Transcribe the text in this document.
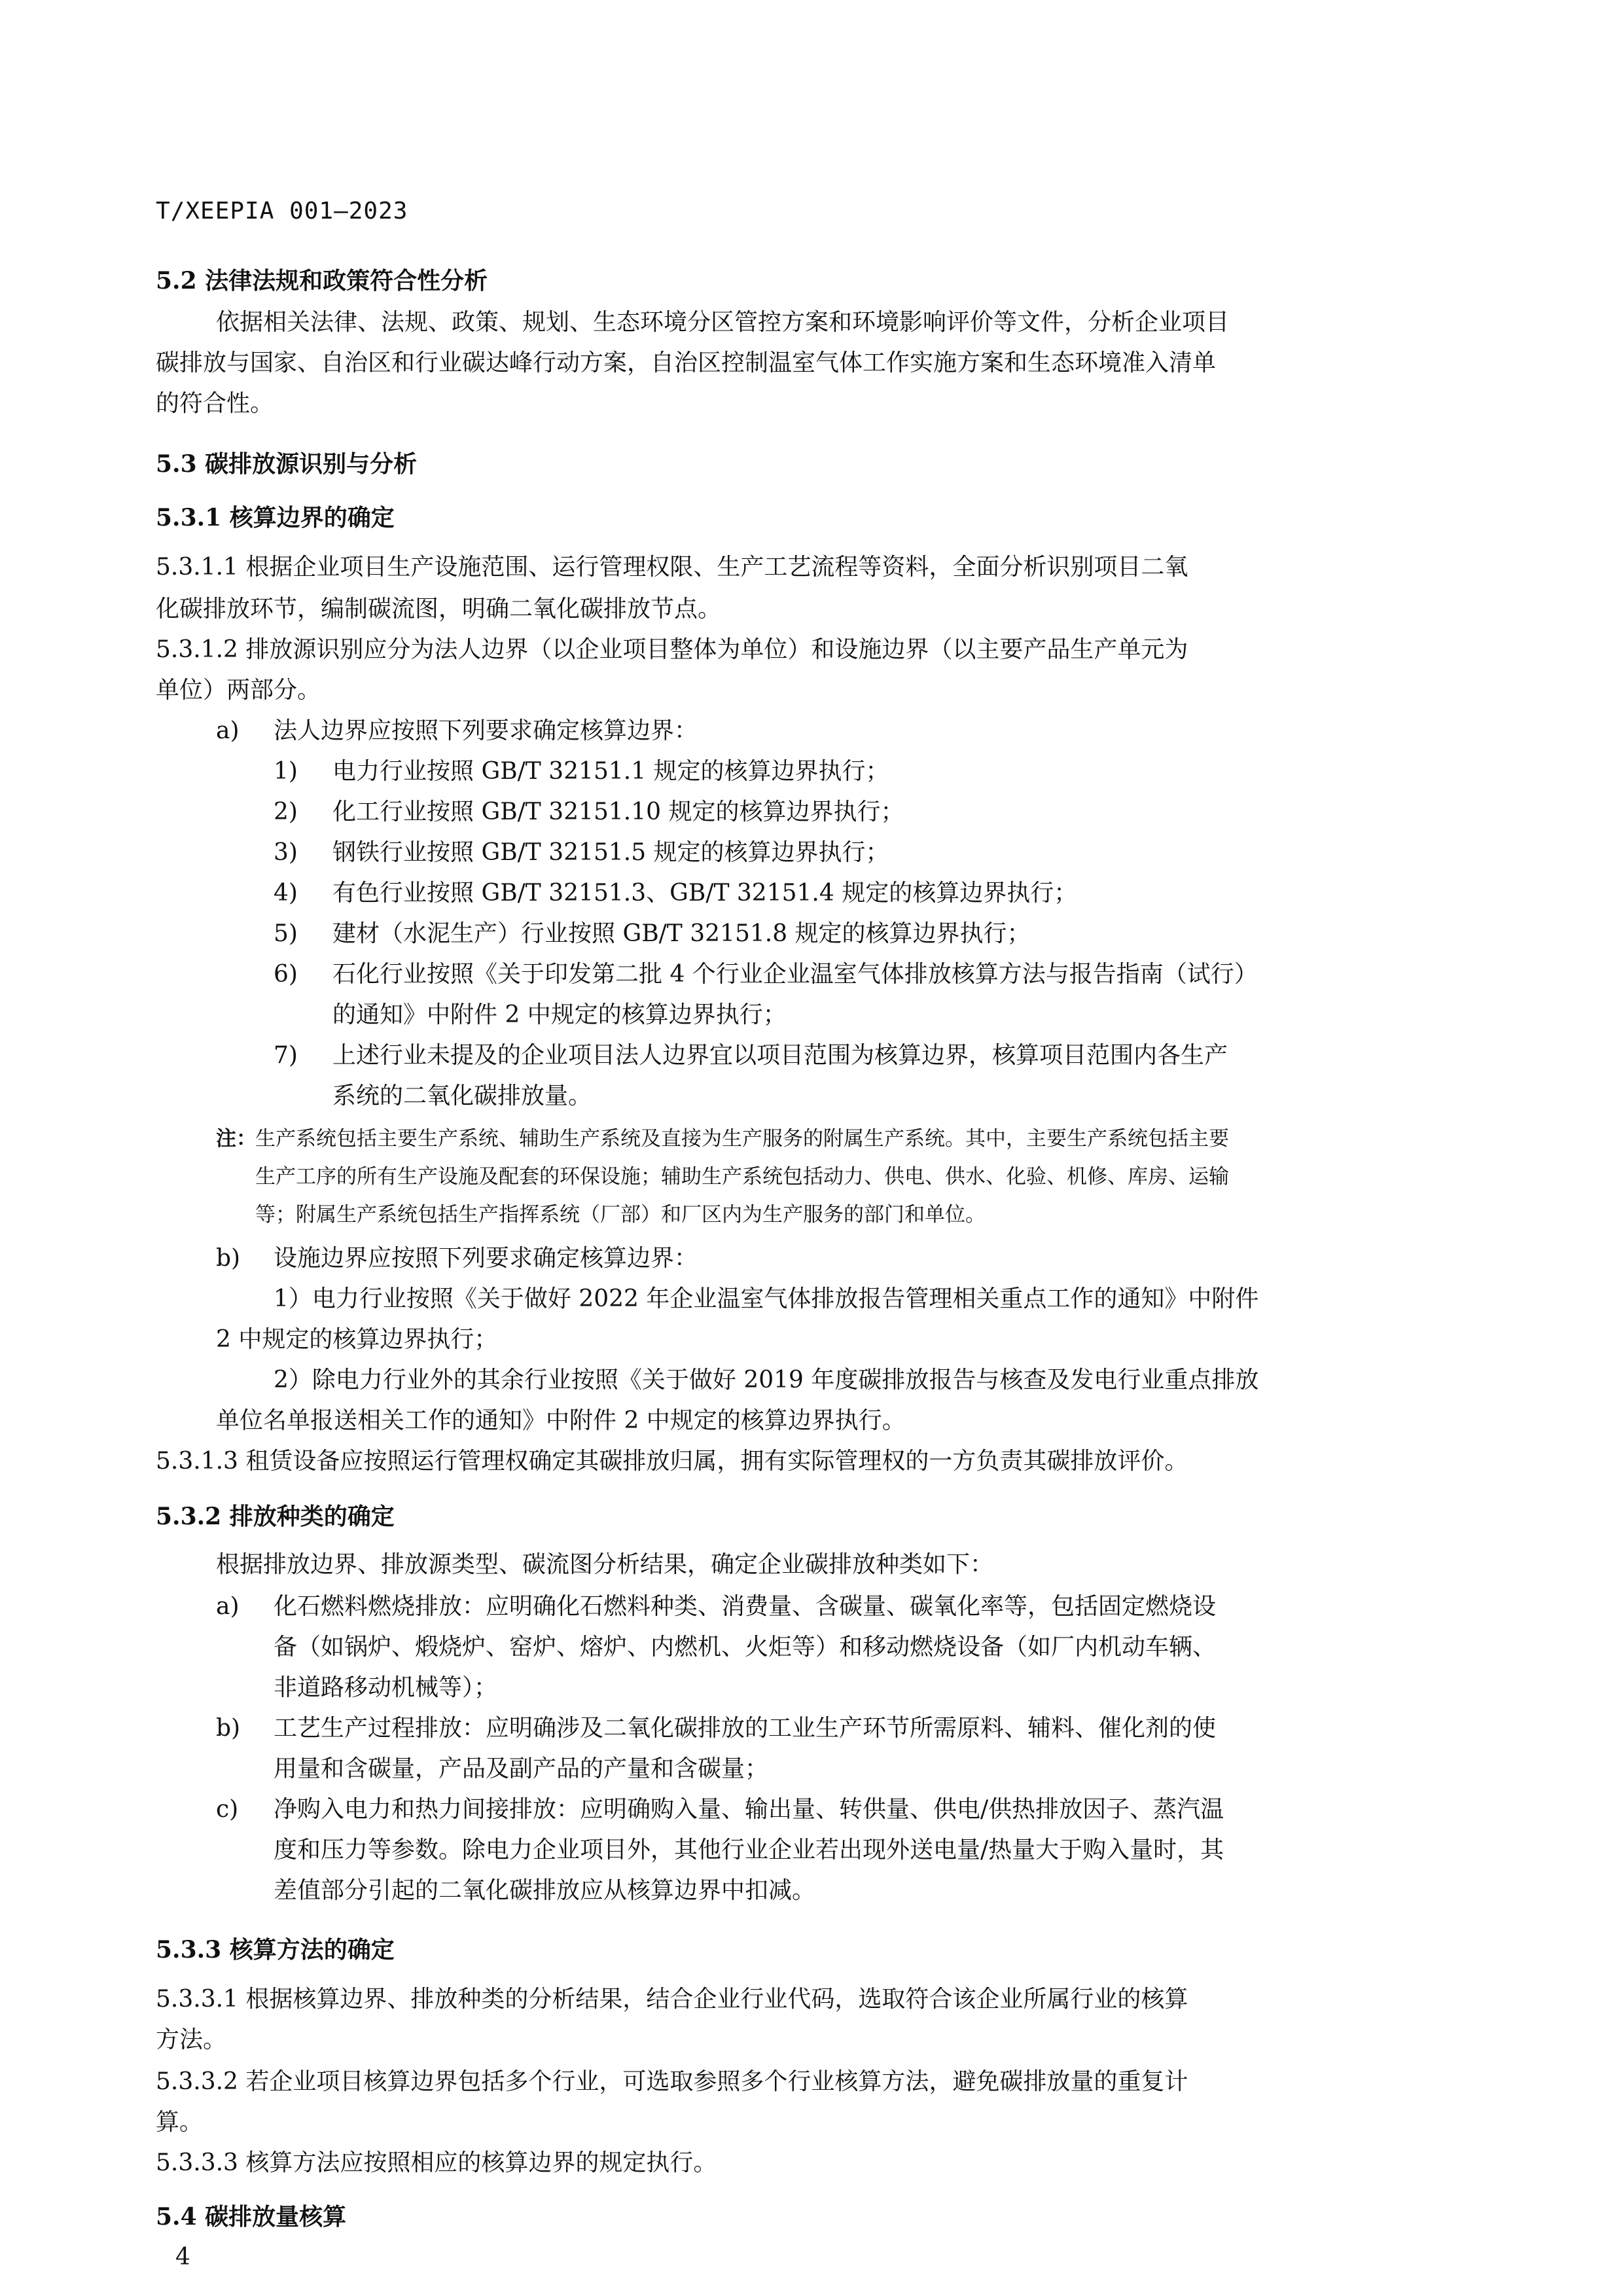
T/XEEPIA 001—2023
5.2 法律法规和政策符合性分析
依据相关法律、法规、政策、规划、生态环境分区管控方案和环境影响评价等文件，分析企业项目
碳排放与国家、自治区和行业碳达峰行动方案，自治区控制温室气体工作实施方案和生态环境准入清单
的符合性。
5.3 碳排放源识别与分析
5.3.1 核算边界的确定
5.3.1.1 根据企业项目生产设施范围、运行管理权限、生产工艺流程等资料，全面分析识别项目二氧
化碳排放环节，编制碳流图，明确二氧化碳排放节点。
5.3.1.2 排放源识别应分为法人边界（以企业项目整体为单位）和设施边界（以主要产品生产单元为
单位）两部分。
a) 法人边界应按照下列要求确定核算边界：
1) 电力行业按照 GB/T 32151.1 规定的核算边界执行；
2) 化工行业按照 GB/T 32151.10 规定的核算边界执行；
3) 钢铁行业按照 GB/T 32151.5 规定的核算边界执行；
4) 有色行业按照 GB/T 32151.3、GB/T 32151.4 规定的核算边界执行；
5) 建材（水泥生产）行业按照 GB/T 32151.8 规定的核算边界执行；
6) 石化行业按照《关于印发第二批 4 个行业企业温室气体排放核算方法与报告指南（试行）
的通知》中附件 2 中规定的核算边界执行；
7) 上述行业未提及的企业项目法人边界宜以项目范围为核算边界，核算项目范围内各生产
系统的二氧化碳排放量。
注：
生产系统包括主要生产系统、辅助生产系统及直接为生产服务的附属生产系统。其中，主要生产系统包括主要
生产工序的所有生产设施及配套的环保设施；辅助生产系统包括动力、供电、供水、化验、机修、库房、运输
等；附属生产系统包括生产指挥系统（厂部）和厂区内为生产服务的部门和单位。
b) 设施边界应按照下列要求确定核算边界：
1）电力行业按照《关于做好 2022 年企业温室气体排放报告管理相关重点工作的通知》中附件
2 中规定的核算边界执行；
2）除电力行业外的其余行业按照《关于做好 2019 年度碳排放报告与核查及发电行业重点排放
单位名单报送相关工作的通知》中附件 2 中规定的核算边界执行。
5.3.1.3 租赁设备应按照运行管理权确定其碳排放归属，拥有实际管理权的一方负责其碳排放评价。
5.3.2 排放种类的确定
根据排放边界、排放源类型、碳流图分析结果，确定企业碳排放种类如下：
a) 化石燃料燃烧排放：应明确化石燃料种类、消费量、含碳量、碳氧化率等，包括固定燃烧设
备（如锅炉、煅烧炉、窑炉、熔炉、内燃机、火炬等）和移动燃烧设备（如厂内机动车辆、
非道路移动机械等）；
b) 工艺生产过程排放：应明确涉及二氧化碳排放的工业生产环节所需原料、辅料、催化剂的使
用量和含碳量，产品及副产品的产量和含碳量；
c) 净购入电力和热力间接排放：应明确购入量、输出量、转供量、供电/供热排放因子、蒸汽温
度和压力等参数。除电力企业项目外，其他行业企业若出现外送电量/热量大于购入量时，其
差值部分引起的二氧化碳排放应从核算边界中扣减。
5.3.3 核算方法的确定
5.3.3.1 根据核算边界、排放种类的分析结果，结合企业行业代码，选取符合该企业所属行业的核算
方法。
5.3.3.2 若企业项目核算边界包括多个行业，可选取参照多个行业核算方法，避免碳排放量的重复计
算。
5.3.3.3 核算方法应按照相应的核算边界的规定执行。
5.4 碳排放量核算
4
